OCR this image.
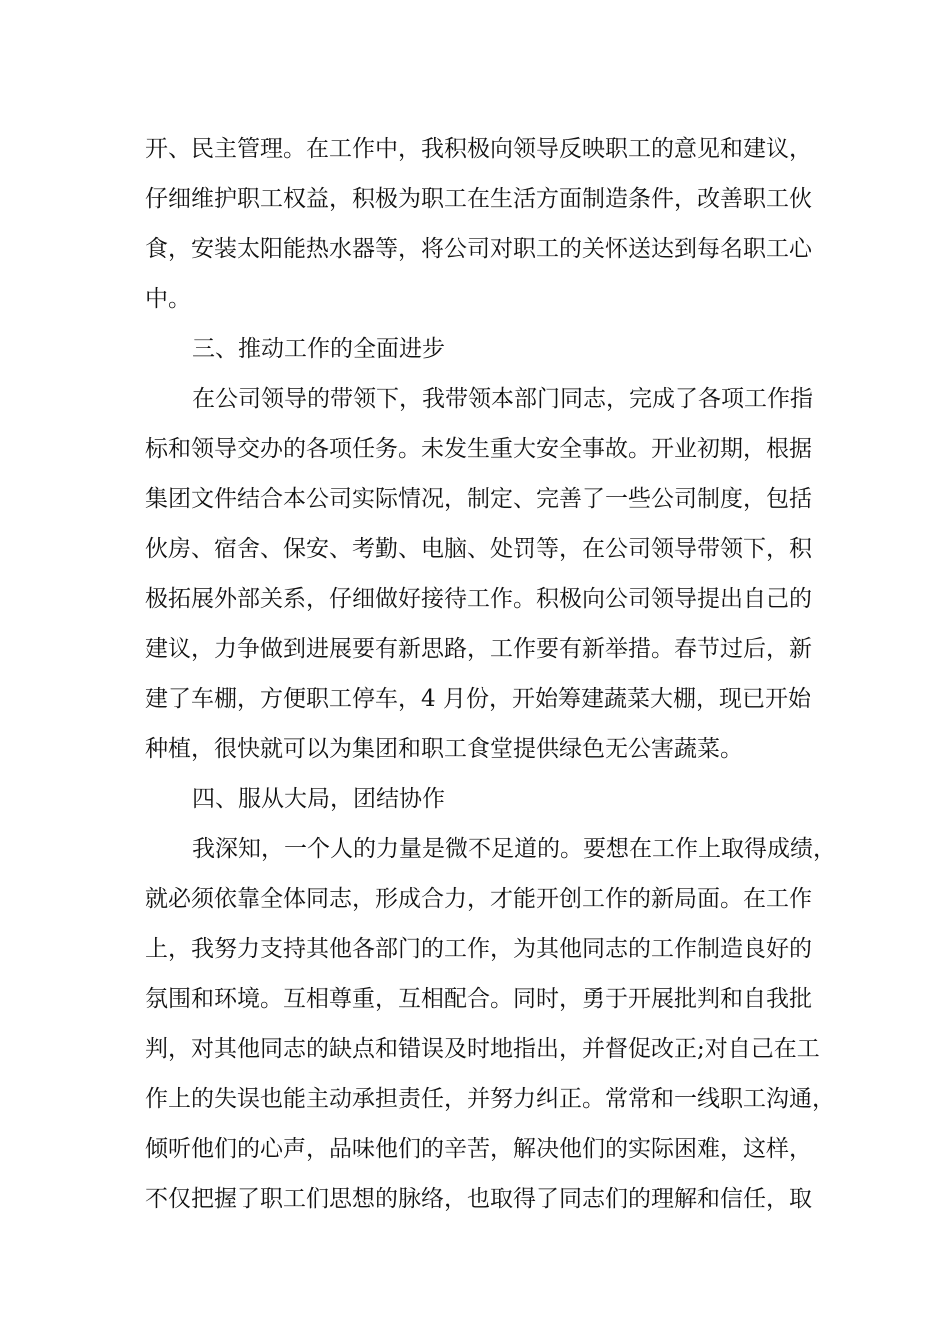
开、民主管理。在工作中，我积极向领导反映职工的意见和建议，
仔细维护职工权益，积极为职工在生活方面制造条件，改善职工伙
食，安装太阳能热水器等，将公司对职工的关怀送达到每名职工心
中。
三、推动工作的全面进步
在公司领导的带领下，我带领本部门同志，完成了各项工作指
标和领导交办的各项任务。未发生重大安全事故。开业初期，根据
集团文件结合本公司实际情况，制定、完善了一些公司制度，包括
伙房、宿舍、保安、考勤、电脑、处罚等，在公司领导带领下，积
极拓展外部关系，仔细做好接待工作。积极向公司领导提出自己的
建议，力争做到进展要有新思路，工作要有新举措。春节过后，新
建了车棚，方便职工停车，4 月份，开始筹建蔬菜大棚，现已开始
种植，很快就可以为集团和职工食堂提供绿色无公害蔬菜。
四、服从大局，团结协作
我深知，一个人的力量是微不足道的。要想在工作上取得成绩，
就必须依靠全体同志，形成合力，才能开创工作的新局面。在工作
上，我努力支持其他各部门的工作，为其他同志的工作制造良好的
氛围和环境。互相尊重，互相配合。同时，勇于开展批判和自我批
判，对其他同志的缺点和错误及时地指出，并督促改正;对自己在工
作上的失误也能主动承担责任，并努力纠正。常常和一线职工沟通，
倾听他们的心声，品味他们的辛苦，解决他们的实际困难，这样，
不仅把握了职工们思想的脉络，也取得了同志们的理解和信任，取
